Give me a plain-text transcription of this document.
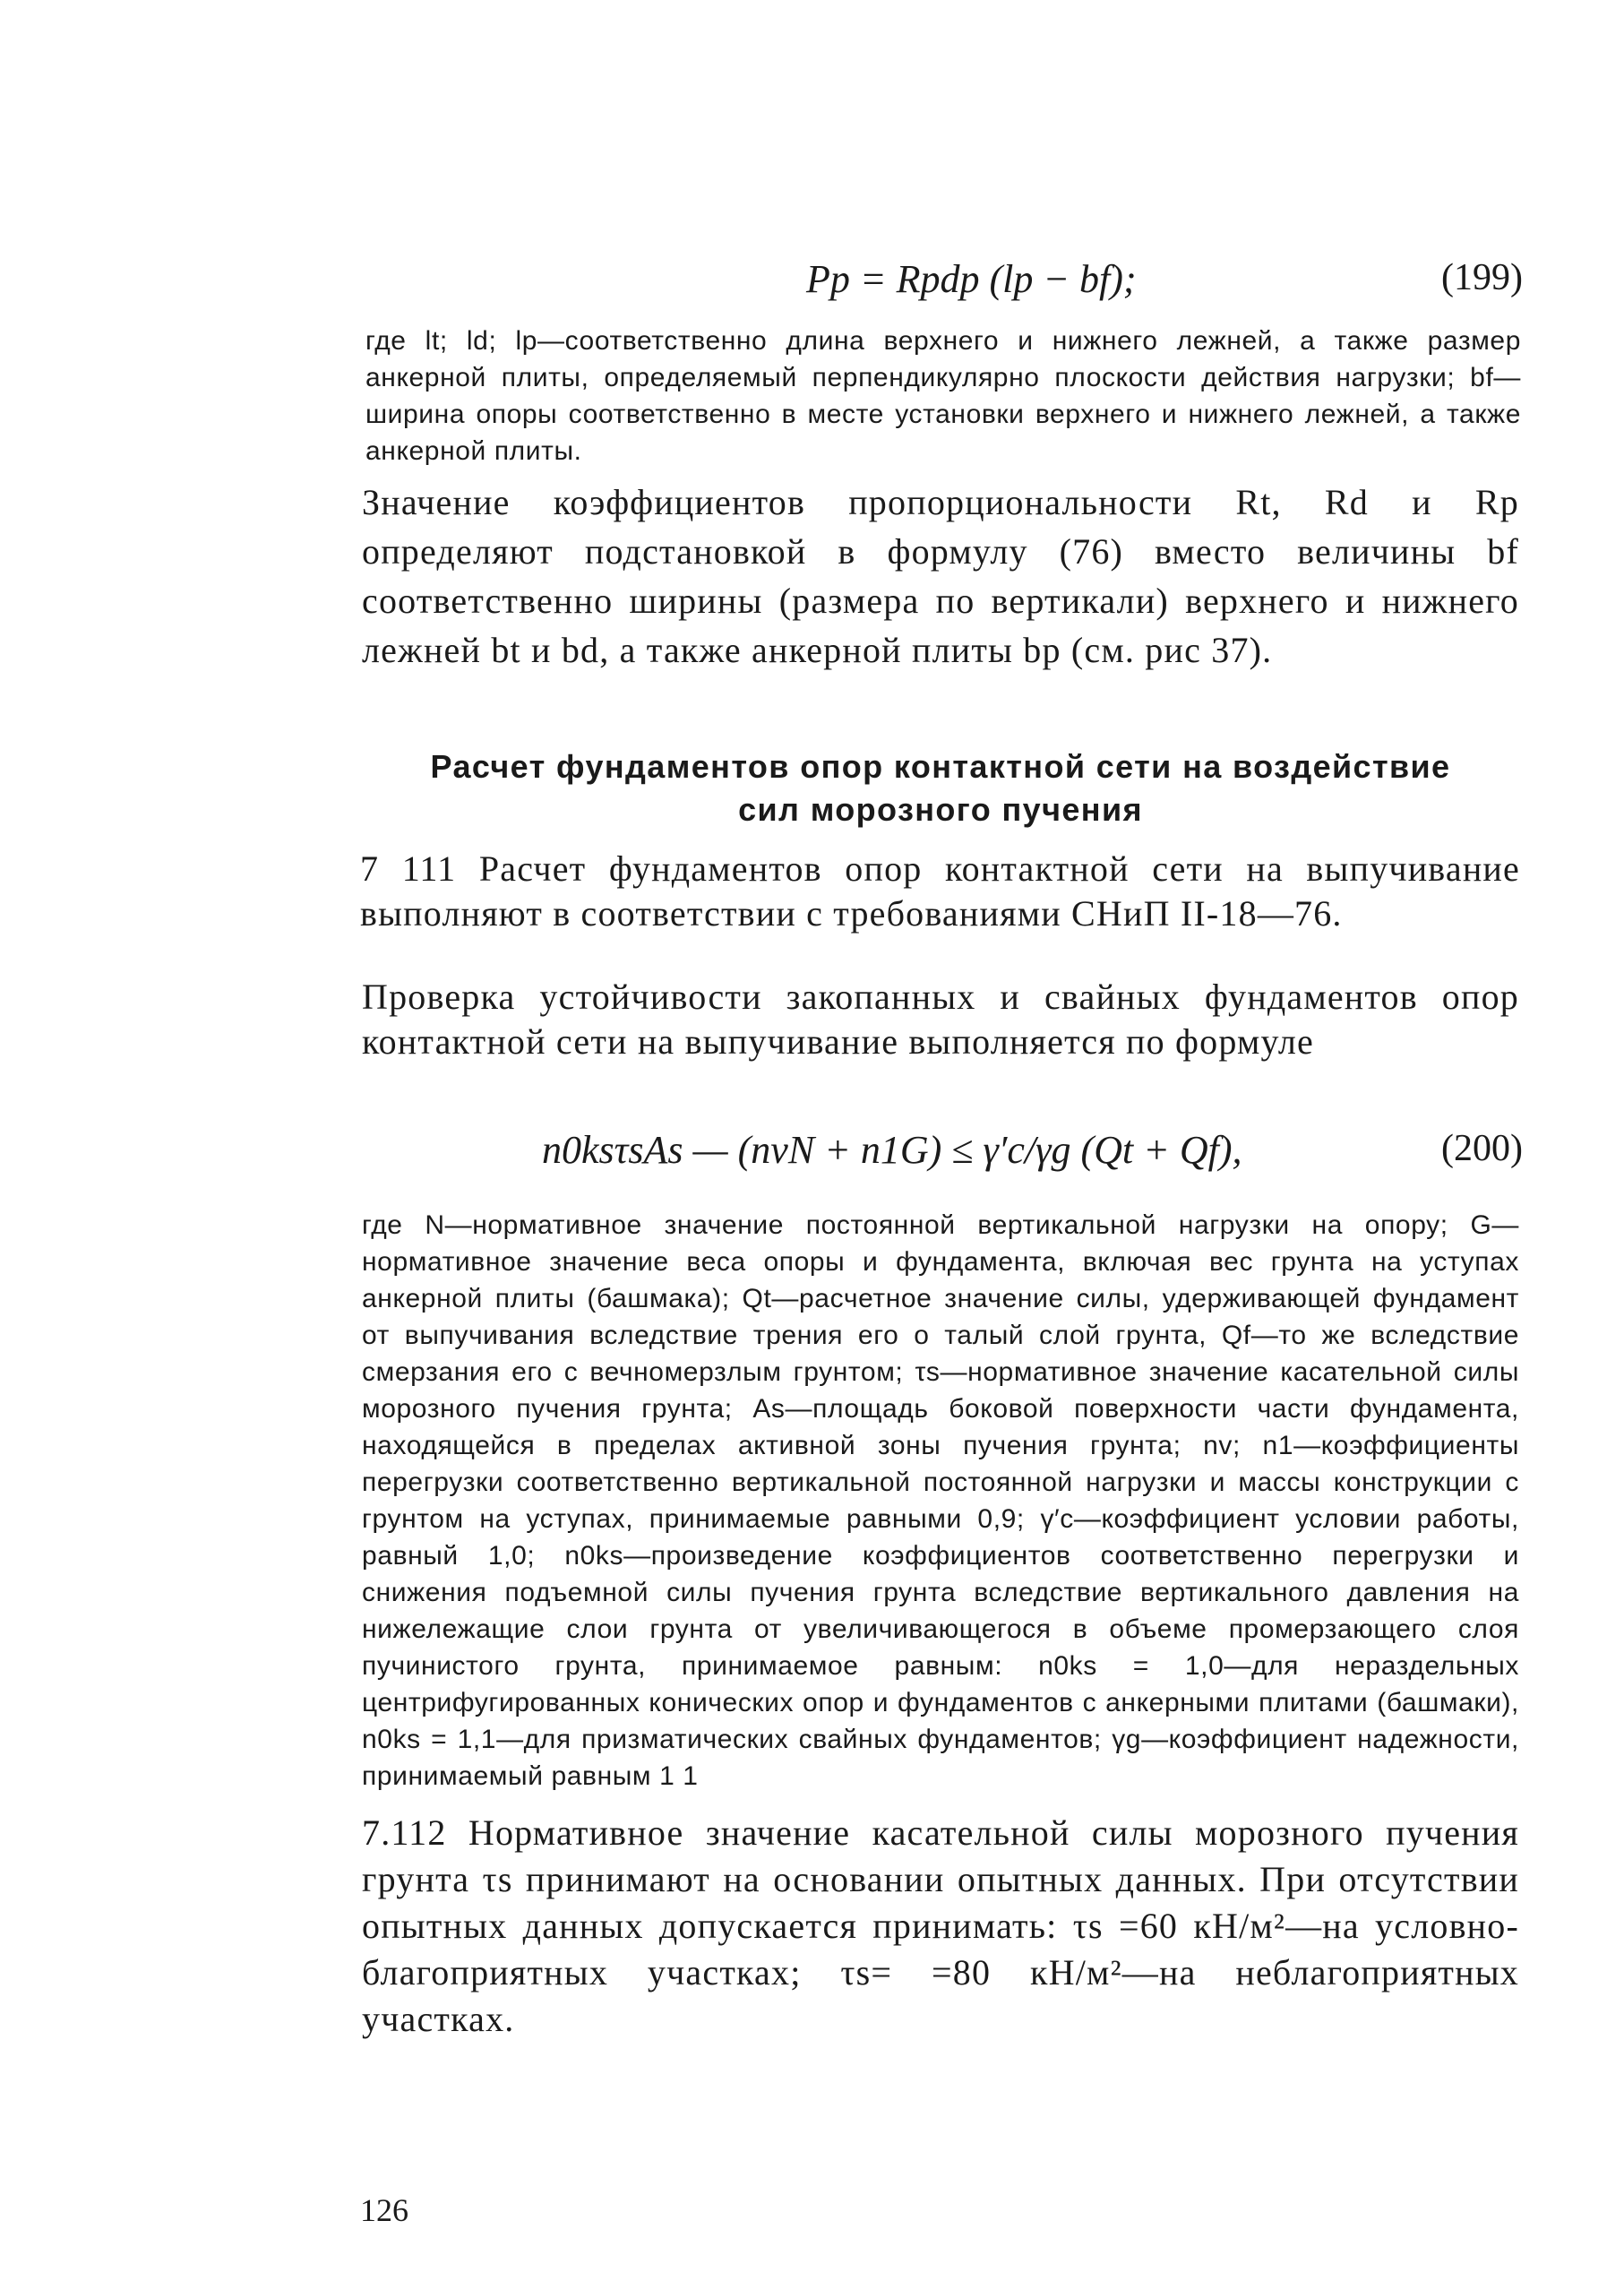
Pp = Rpdp (lp − bf);	(199)
где lt; ld; lp—соответственно длина верхнего и нижнего лежней, а также размер анкерной плиты, определяемый перпендикулярно плоскости действия нагрузки; bf—ширина опоры соответственно в месте установки верхнего и нижнего лежней, а также анкерной плиты.
Значение коэффициентов пропорциональности Rt, Rd и Rp определяют подстановкой в формулу (76) вместо величины bf соответственно ширины (размера по вертикали) верхнего и нижнего лежней bt и bd, а также анкерной плиты bp (см. рис 37).
Расчет фундаментов опор контактной сети на воздействие
сил морозного пучения
7 111 Расчет фундаментов опор контактной сети на выпучивание выполняют в соответствии с требованиями СНиП II-18—76.
Проверка устойчивости закопанных и свайных фундаментов опор контактной сети на выпучивание выполняется по формуле
n0ksτsAs — (nvN + n1G) ≤ γ′c/γg (Qt + Qf),	(200)
где N—нормативное значение постоянной вертикальной нагрузки на опору; G—нормативное значение веса опоры и фундамента, включая вес грунта на уступах анкерной плиты (башмака); Qt—расчетное значение силы, удерживающей фундамент от выпучивания вследствие трения его о талый слой грунта, Qf—то же вследствие смерзания его с вечномерзлым грунтом; τs—нормативное значение касательной силы морозного пучения грунта; As—площадь боковой поверхности части фундамента, находящейся в пределах активной зоны пучения грунта; nv; n1—коэффициенты перегрузки соответственно вертикальной постоянной нагрузки и массы конструкции с грунтом на уступах, принимаемые равными 0,9; γ′c—коэффициент условии работы, равный 1,0; n0ks—произведение коэффициентов соответственно перегрузки и снижения подъемной силы пучения грунта вследствие вертикального давления на нижележащие слои грунта от увеличивающегося в объеме промерзающего слоя пучинистого грунта, принимаемое равным: n0ks = 1,0—для нераздельных центрифугированных конических опор и фундаментов с анкерными плитами (башмаки), n0ks = 1,1—для призматических свайных фундаментов; γg—коэффициент надежности, принимаемый равным 1 1
7.112 Нормативное значение касательной силы морозного пучения грунта τs принимают на основании опытных данных. При отсутствии опытных данных допускается принимать: τs =60 кН/м²—на условно-благоприятных участках; τs= =80 кН/м²—на неблагоприятных участках.
126
